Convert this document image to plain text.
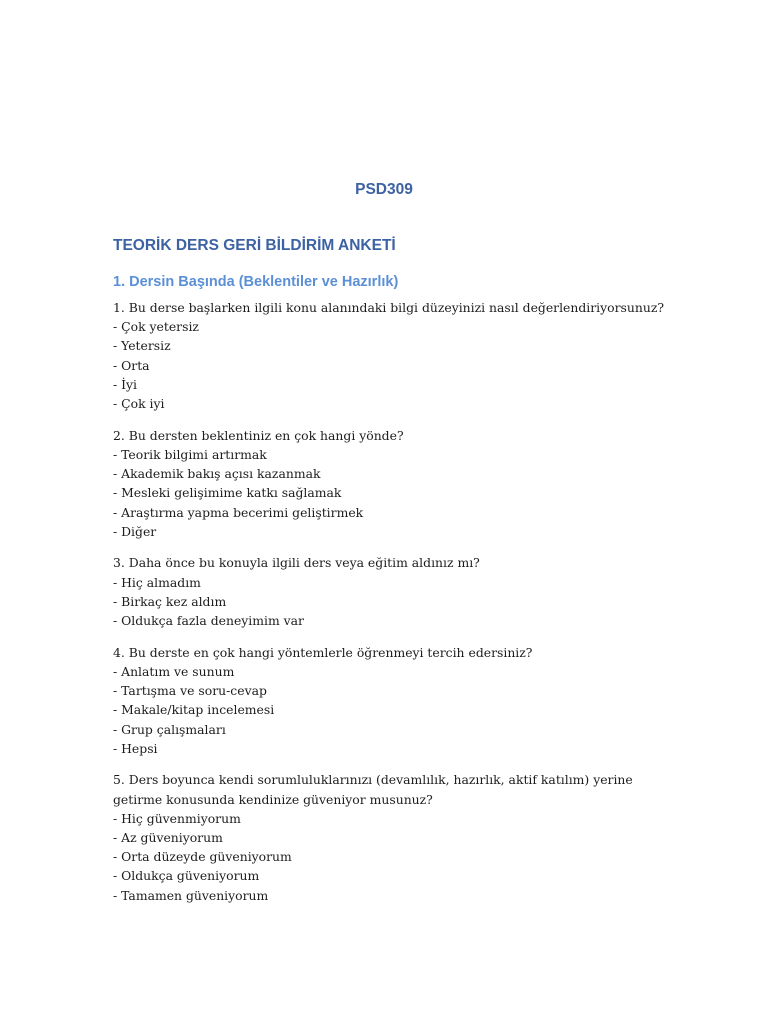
PSD309
TEORİK DERS GERİ BİLDİRİM ANKETİ
1. Dersin Başında (Beklentiler ve Hazırlık)
1. Bu derse başlarken ilgili konu alanındaki bilgi düzeyinizi nasıl değerlendiriyorsunuz?
- Çok yetersiz
- Yetersiz
- Orta
- İyi
- Çok iyi
2. Bu dersten beklentiniz en çok hangi yönde?
- Teorik bilgimi artırmak
- Akademik bakış açısı kazanmak
- Mesleki gelişimime katkı sağlamak
- Araştırma yapma becerimi geliştirmek
- Diğer
3. Daha önce bu konuyla ilgili ders veya eğitim aldınız mı?
- Hiç almadım
- Birkaç kez aldım
- Oldukça fazla deneyimim var
4. Bu derste en çok hangi yöntemlerle öğrenmeyi tercih edersiniz?
- Anlatım ve sunum
- Tartışma ve soru-cevap
- Makale/kitap incelemesi
- Grup çalışmaları
- Hepsi
5. Ders boyunca kendi sorumluluklarınızı (devamlılık, hazırlık, aktif katılım) yerine getirme konusunda kendinize güveniyor musunuz?
- Hiç güvenmiyorum
- Az güveniyorum
- Orta düzeyde güveniyorum
- Oldukça güveniyorum
- Tamamen güveniyorum
